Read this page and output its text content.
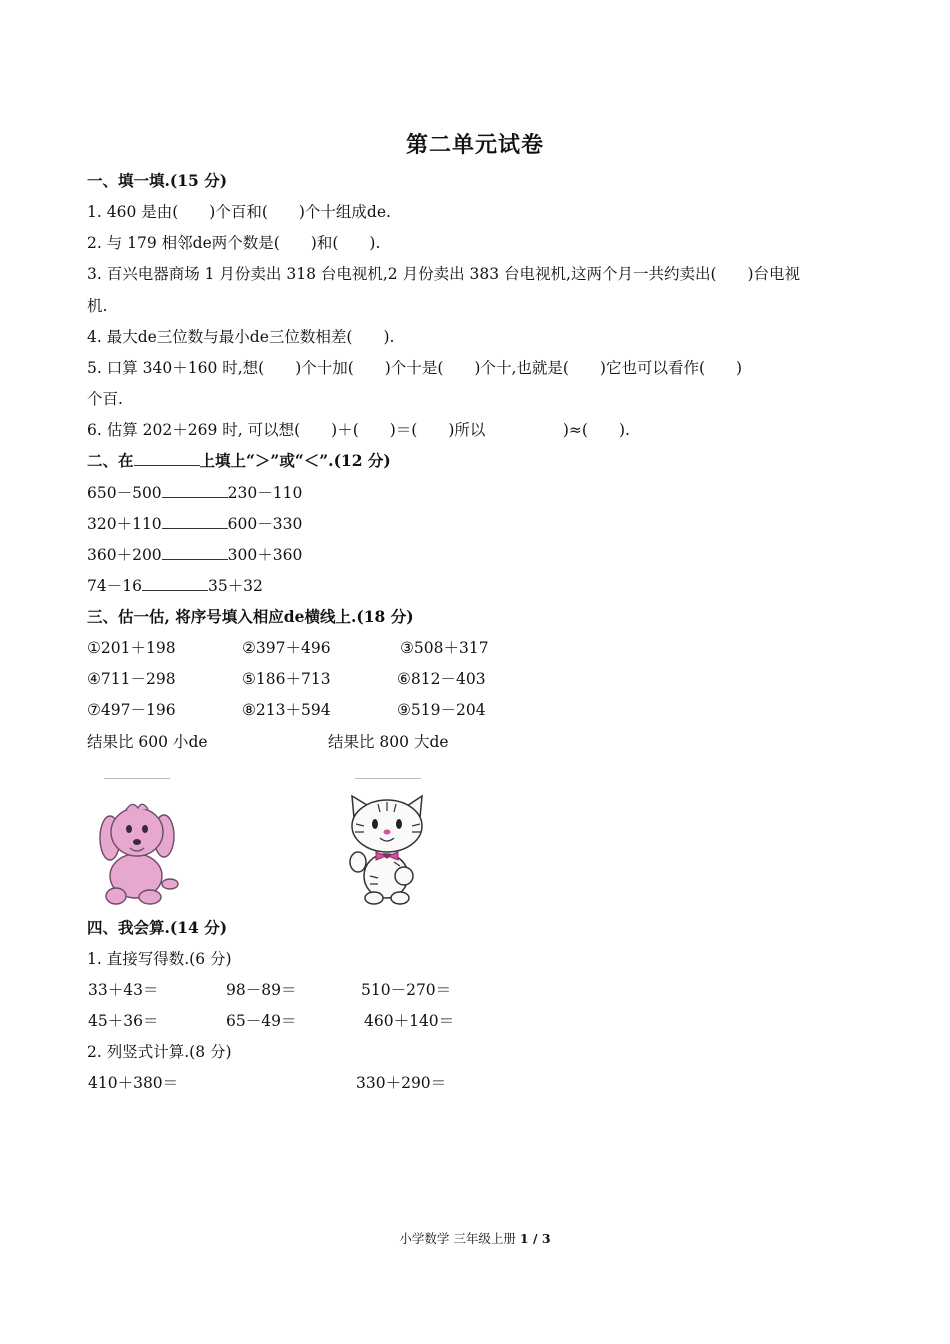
第二单元试卷
一、填一填.(15 分)
1. 460 是由(　　)个百和(　　)个十组成de.
2. 与 179 相邻de两个数是(　　)和(　　).
3. 百兴电器商场 1 月份卖出 318 台电视机,2 月份卖出 383 台电视机,这两个月一共约卖出(　　)台电视
机.
4. 最大de三位数与最小de三位数相差(　　).
5. 口算 340＋160 时,想(　　)个十加(　　)个十是(　　)个十,也就是(　　)它也可以看作(　　)
个百.
6. 估算 202＋269 时, 可以想(　　)＋(　　)＝(　　)所以　　　　　)≈(　　).
二、在	上填上“＞”或“＜”.(12 分)
650－500	230－110
320＋110	600－330
360＋200	300＋360
74－16	35＋32
三、估一估, 将序号填入相应de横线上.(18 分)
①201＋198	②397＋496	③508＋317
④711－298	⑤186＋713	⑥812－403
⑦497－196	⑧213＋594	⑨519－204
结果比 600 小de	结果比 800 大de
四、我会算.(14 分)
1. 直接写得数.(6 分)
33＋43＝	98－89＝	510－270＝
45＋36＝	65－49＝	460＋140＝
2. 列竖式计算.(8 分)
410＋380＝	330＋290＝
小学数学 三年级上册 1 / 3
